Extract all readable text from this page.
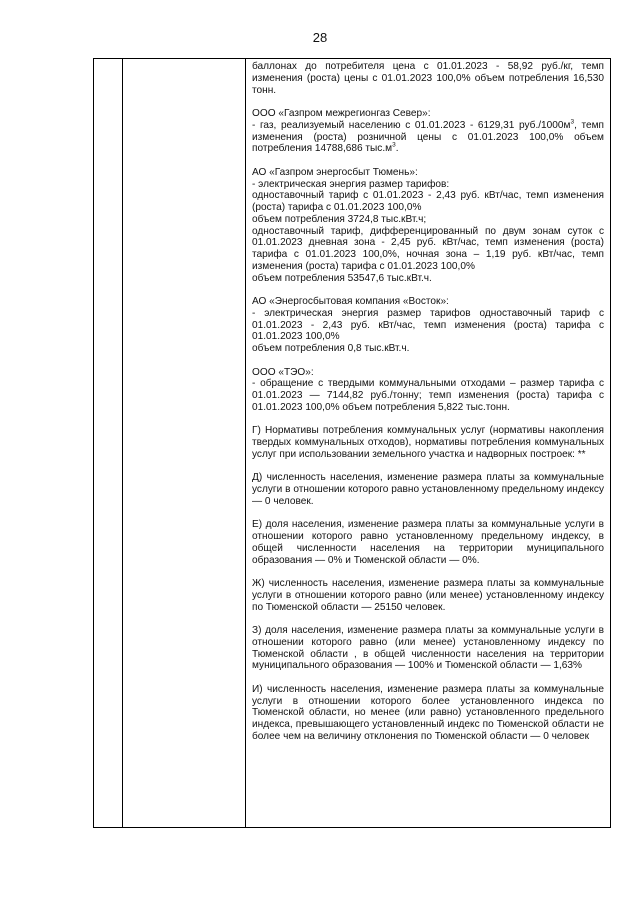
28

баллонах до потребителя цена с 01.01.2023 - 58,92 руб./кг, темп изменения (роста) цены с 01.01.2023 100,0% объем потребления 16,530 тонн.

ООО «Газпром межрегионгаз Север»:

- газ, реализуемый населению с 01.01.2023 - 6129,31 $руб./1000м^3$, темп изменения (роста) розничной цены с 01.01.2023 100,0% объем потребления 14788,686 $тыс.м^3$.

АО «Газпром энергосбыт Тюмень»:

- электрическая энергия размер тарифов:

одноставочный тариф с 01.01.2023 - 2,43 руб. кВт/час, темп изменения (роста) тарифа с 01.01.2023 100,0%

объем потребления 3724,8 тыс.кВт.ч;

одноставочный тариф, дифференцированный по двум зонам суток с 01.01.2023 дневная зона - 2,45 руб. кВт/час, темп изменения (роста) тарифа с 01.01.2023 100,0%, ночная зона – 1,19 руб. кВт/час, темп изменения (роста) тарифа с 01.01.2023 100,0%

объем потребления 53547,6 тыс.кВт.ч.

АО «Энергосбытовая компания «Восток»:

- электрическая энергия размер тарифов одноставочный тариф с 01.01.2023 - 2,43 руб. кВт/час, темп изменения (роста) тарифа с 01.01.2023 100,0%

объем потребления 0,8 тыс.кВт.ч.

ООО «ТЭО»:

- обращение с твердыми коммунальными отходами – размер тарифа с 01.01.2023 — 7144,82 руб./тонну; темп изменения (роста) тарифа с 01.01.2023 100,0% объем потребления 5,822 тыс.тонн.

Г) Нормативы потребления коммунальных услуг (нормативы накопления твердых коммунальных отходов), нормативы потребления коммунальных услуг при использовании земельного участка и надворных построек: **

Д) численность населения, изменение размера платы за коммунальные услуги в отношении которого равно установленному предельному индексу — 0 человек.

Е) доля населения, изменение размера платы за коммунальные услуги в отношении которого равно установленному предельному индексу, в общей численности населения на территории муниципального образования — 0% и Тюменской области — 0%.

Ж) численность населения, изменение размера платы за коммунальные услуги в отношении которого равно (или менее) установленному индексу по Тюменской области — 25150 человек.

З) доля населения, изменение размера платы за коммунальные услуги в отношении которого равно (или менее) установленному индексу по Тюменской области , в общей численности населения на территории муниципального образования — 100% и Тюменской области — 1,63%

И) численность населения, изменение размера платы за коммунальные услуги в отношении которого более установленного индекса по Тюменской области, но менее (или равно) установленного предельного индекса, превышающего установленный индекс по Тюменской области не более чем на величину отклонения по Тюменской области — 0 человек
